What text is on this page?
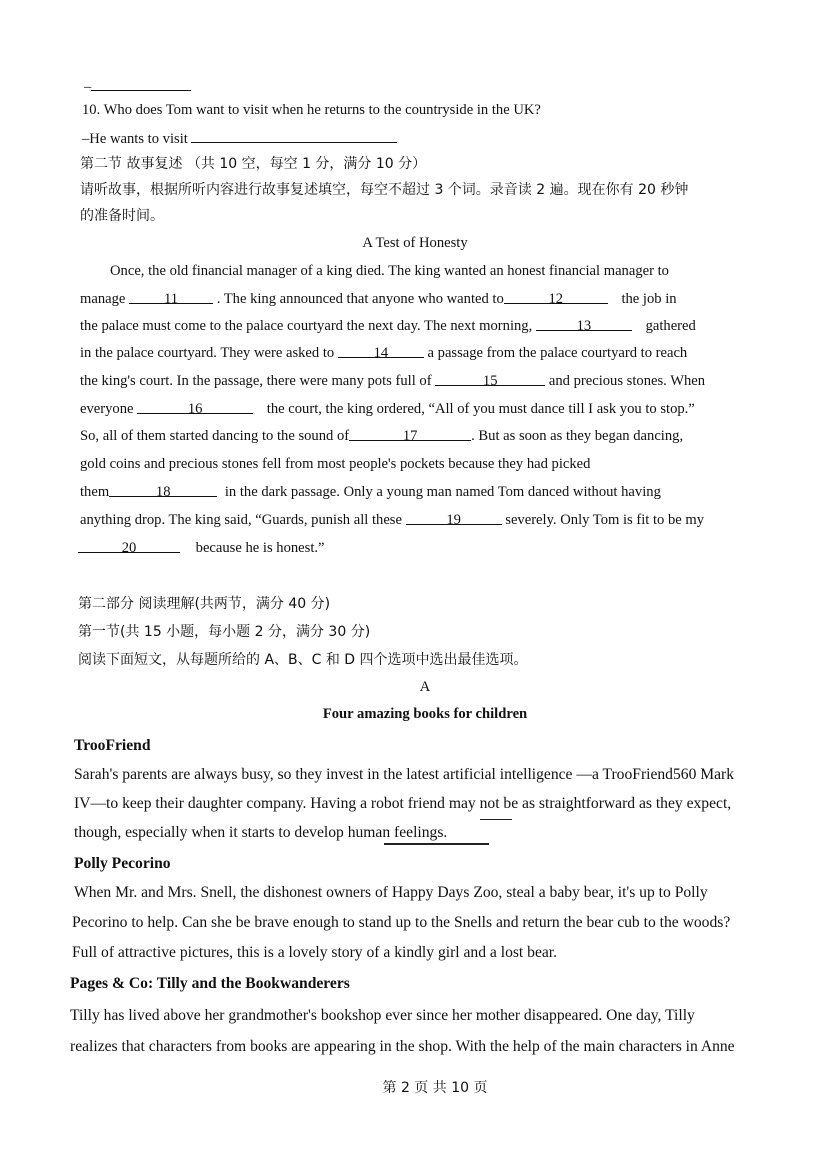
–
10. Who does Tom want to visit when he returns to the countryside in the UK?
–He wants to visit
第二节 故事复述 （共 10 空，每空 1 分，满分 10 分）
请听故事，根据所听内容进行故事复述填空，每空不超过 3 个词。录音读 2 遍。现在你有 20 秒钟
的准备时间。
A Test of Honesty
Once, the old financial manager of a king died. The king wanted an honest financial manager to
manage	11	. The king announced that anyone who wanted to	12	the job in
the palace must come to the palace courtyard the next day. The next morning,	13	gathered
in the palace courtyard. They were asked to	14	a passage from the palace courtyard to reach
the king's court. In the passage, there were many pots full of	15	and precious stones. When
everyone	16	the court, the king ordered, “All of you must dance till I ask you to stop.”
So, all of them started dancing to the sound of	17	. But as soon as they began dancing,
gold coins and precious stones fell from most people's pockets because they had picked
them	18	in the dark passage. Only a young man named Tom danced without having
anything drop. The king said, “Guards, punish all these	19	severely. Only Tom is fit to be my
20	because he is honest.”
第二部分 阅读理解(共两节，满分 40 分)
第一节(共 15 小题，每小题 2 分，满分 30 分)
阅读下面短文，从每题所给的 A、B、C 和 D 四个选项中选出最佳选项。
A
Four amazing books for children
TrooFriend
Sarah's parents are always busy, so they invest in the latest artificial intelligence —a TrooFriend560 Mark
IV—to keep their daughter company. Having a robot friend may not be as straightforward as they expect,
though, especially when it starts to develop human feelings.
Polly Pecorino
When Mr. and Mrs. Snell, the dishonest owners of Happy Days Zoo, steal a baby bear, it's up to Polly
Pecorino to help. Can she be brave enough to stand up to the Snells and return the bear cub to the woods?
Full of attractive pictures, this is a lovely story of a kindly girl and a lost bear.
Pages & Co: Tilly and the Bookwanderers
Tilly has lived above her grandmother's bookshop ever since her mother disappeared. One day, Tilly
realizes that characters from books are appearing in the shop. With the help of the main characters in Anne
第 2 页 共 10 页
